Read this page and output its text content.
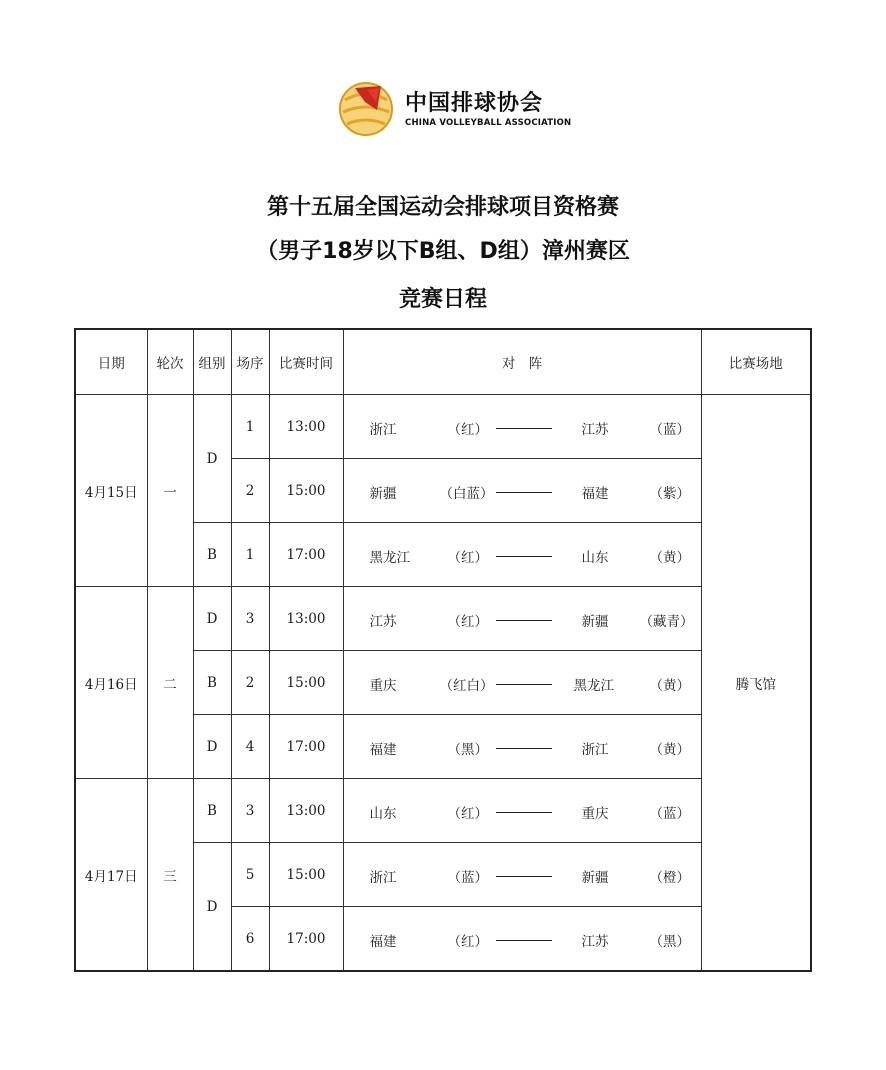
中国排球协会
CHINA VOLLEYBALL ASSOCIATION
第十五届全国运动会排球项目资格赛
（男子18岁以下B组、D组）漳州赛区
竞赛日程
日期	轮次	组别	场序	比赛时间	对　阵	比赛场地
4月15日	一	D	1	13:00	浙江 （红） 江苏 （蓝）	腾飞馆
			2	15:00	新疆 （白蓝） 福建 （紫）	

		B	1	17:00	黑龙江 （红） 山东 （黄）	

4月16日	二	D	3	13:00	江苏 （红） 新疆 （藏青）	

		B	2	15:00	重庆 （红白） 黑龙江 （黄）	

		D	4	17:00	福建 （黑） 浙江 （黄）	

4月17日	三	B	3	13:00	山东 （红） 重庆 （蓝）	

		D	5	15:00	浙江 （蓝） 新疆 （橙）	

			6	17:00	福建 （红） 江苏 （黑）	
